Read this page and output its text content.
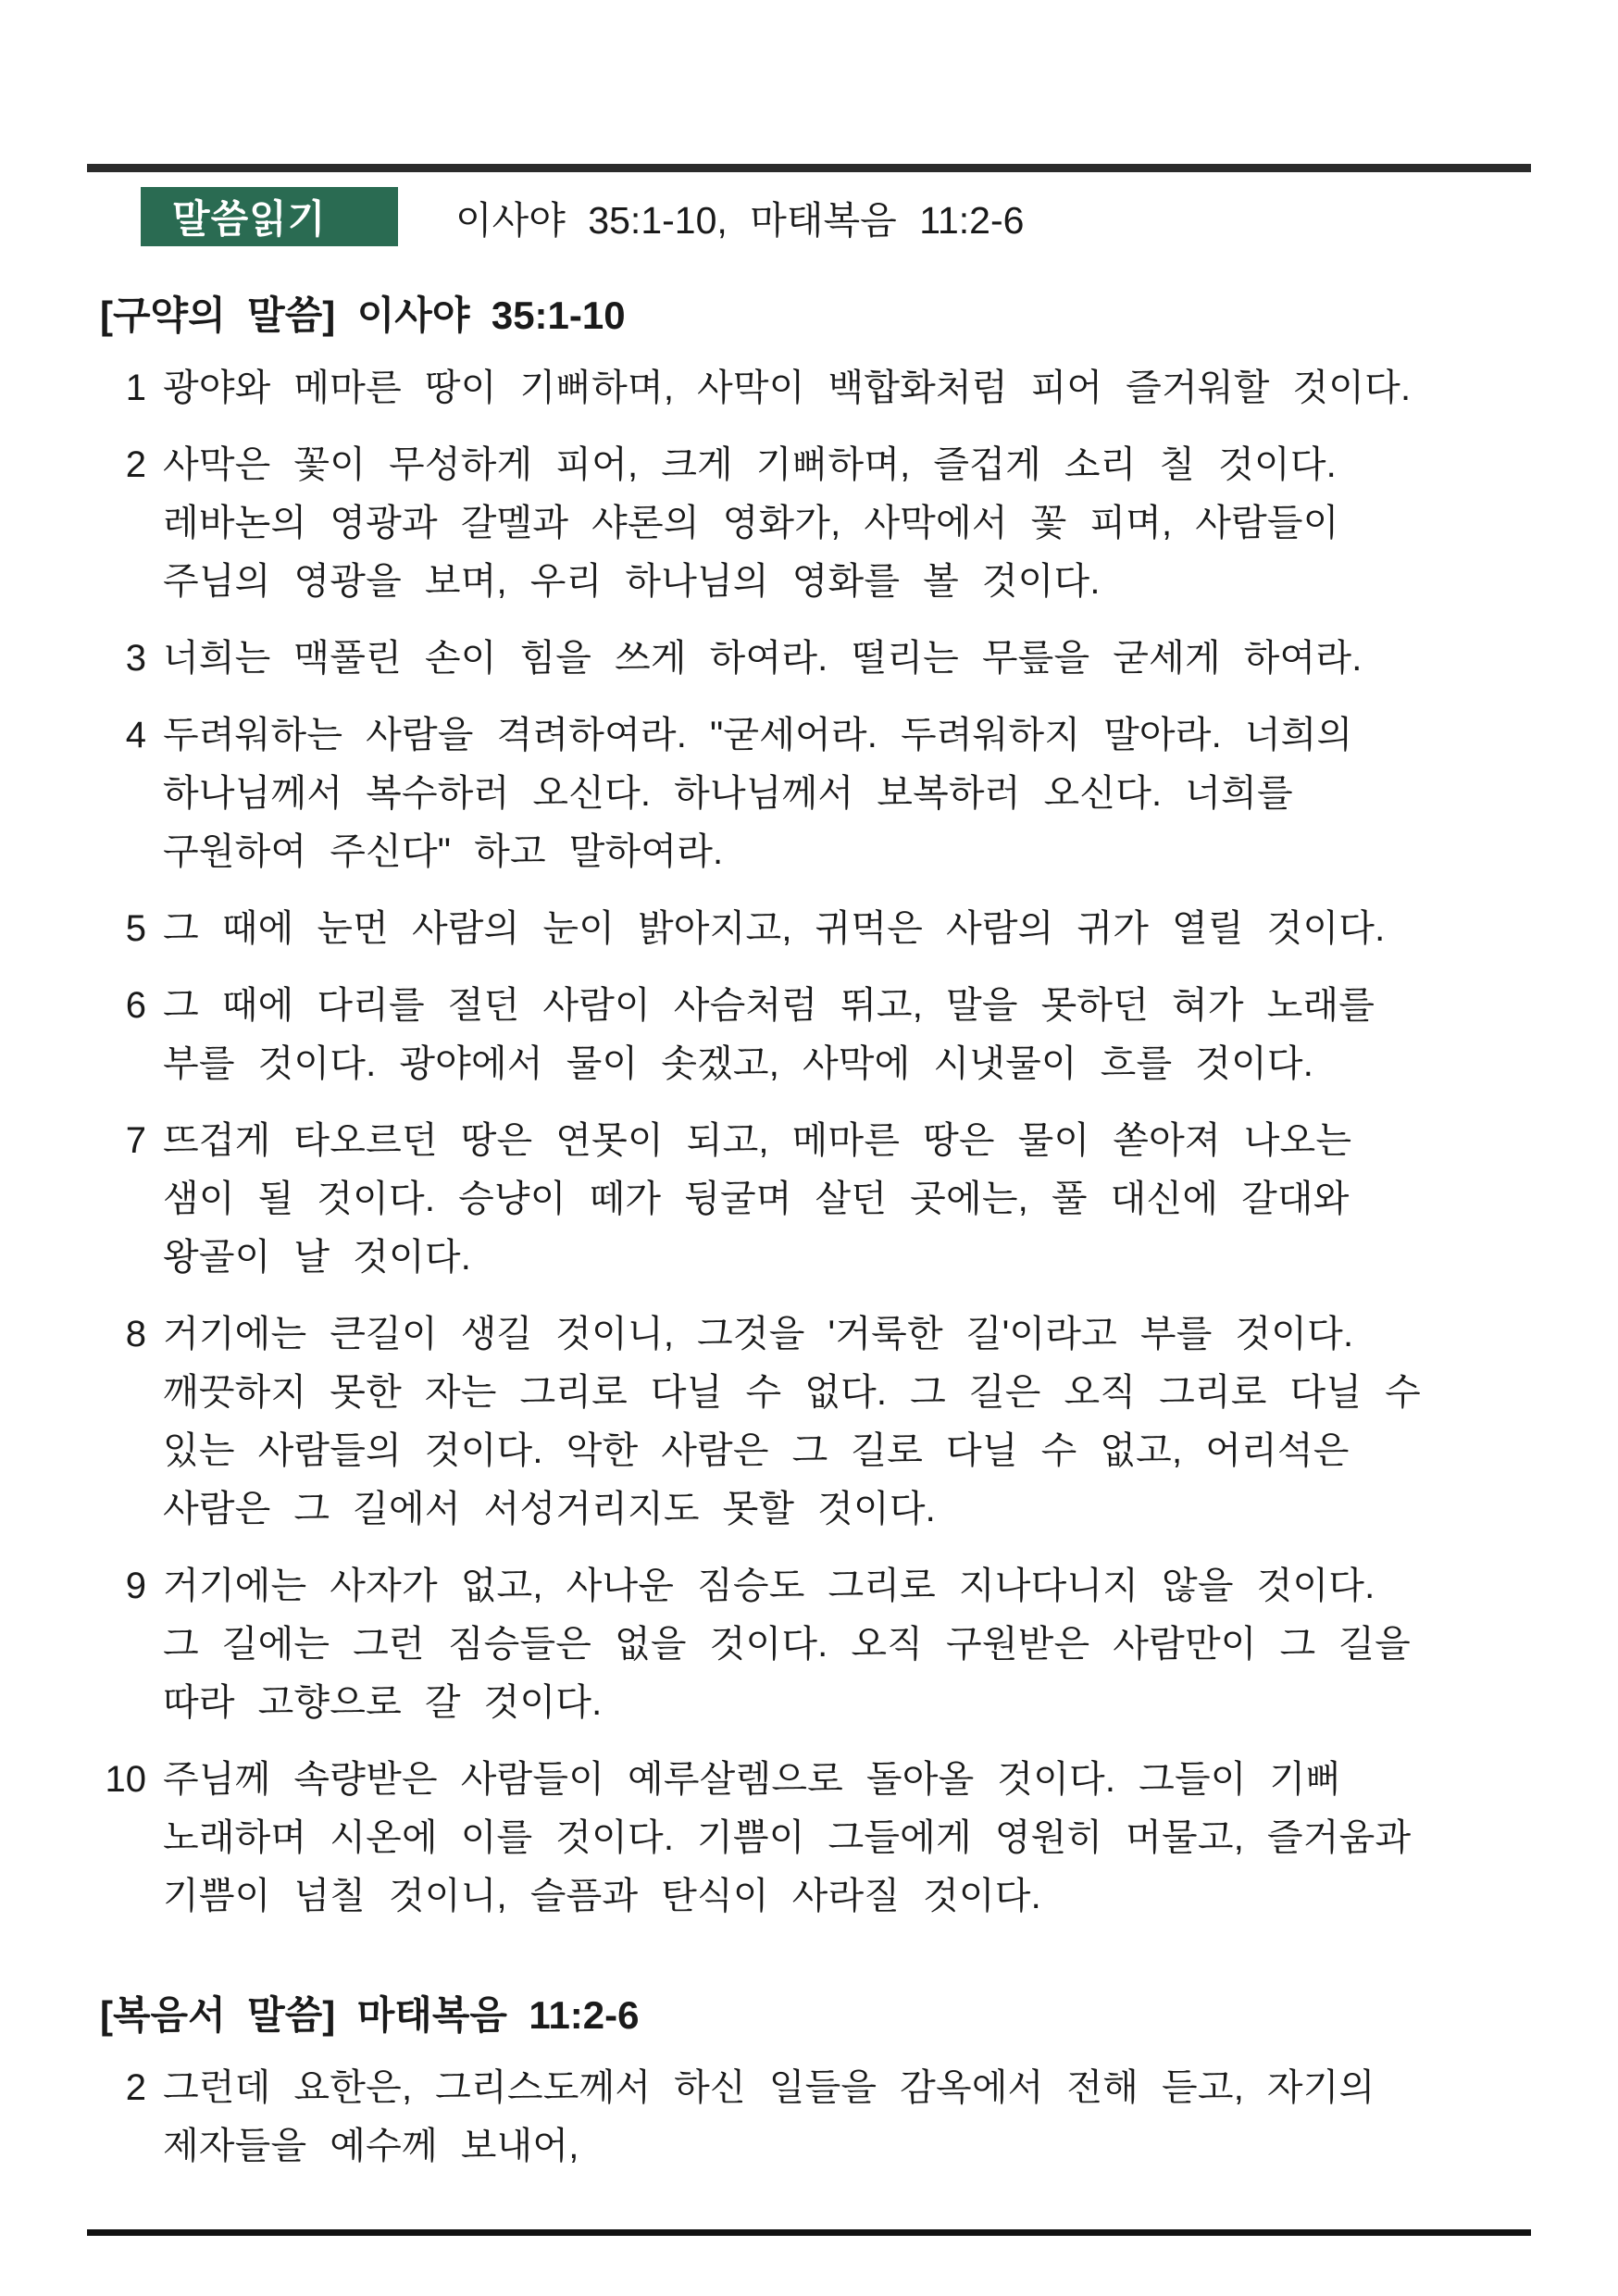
말씀읽기	이사야 35:1-10, 마태복음 11:2-6
[구약의 말씀] 이사야 35:1-10
1 광야와 메마른 땅이 기뻐하며, 사막이 백합화처럼 피어 즐거워할 것이다.
2 사막은 꽃이 무성하게 피어, 크게 기뻐하며, 즐겁게 소리 칠 것이다.
레바논의 영광과 갈멜과 샤론의 영화가, 사막에서 꽃 피며, 사람들이
주님의 영광을 보며, 우리 하나님의 영화를 볼 것이다.
3 너희는 맥풀린 손이 힘을 쓰게 하여라. 떨리는 무릎을 굳세게 하여라.
4 두려워하는 사람을 격려하여라. "굳세어라. 두려워하지 말아라. 너희의
하나님께서 복수하러 오신다. 하나님께서 보복하러 오신다. 너희를
구원하여 주신다" 하고 말하여라.
5 그 때에 눈먼 사람의 눈이 밝아지고, 귀먹은 사람의 귀가 열릴 것이다.
6 그 때에 다리를 절던 사람이 사슴처럼 뛰고, 말을 못하던 혀가 노래를
부를 것이다. 광야에서 물이 솟겠고, 사막에 시냇물이 흐를 것이다.
7 뜨겁게 타오르던 땅은 연못이 되고, 메마른 땅은 물이 쏟아져 나오는
샘이 될 것이다. 승냥이 떼가 뒹굴며 살던 곳에는, 풀 대신에 갈대와
왕골이 날 것이다.
8 거기에는 큰길이 생길 것이니, 그것을 '거룩한 길'이라고 부를 것이다.
깨끗하지 못한 자는 그리로 다닐 수 없다. 그 길은 오직 그리로 다닐 수
있는 사람들의 것이다. 악한 사람은 그 길로 다닐 수 없고, 어리석은
사람은 그 길에서 서성거리지도 못할 것이다.
9 거기에는 사자가 없고, 사나운 짐승도 그리로 지나다니지 않을 것이다.
그 길에는 그런 짐승들은 없을 것이다. 오직 구원받은 사람만이 그 길을
따라 고향으로 갈 것이다.
10 주님께 속량받은 사람들이 예루살렘으로 돌아올 것이다. 그들이 기뻐
노래하며 시온에 이를 것이다. 기쁨이 그들에게 영원히 머물고, 즐거움과
기쁨이 넘칠 것이니, 슬픔과 탄식이 사라질 것이다.
[복음서 말씀] 마태복음 11:2-6
2 그런데 요한은, 그리스도께서 하신 일들을 감옥에서 전해 듣고, 자기의
제자들을 예수께 보내어,
